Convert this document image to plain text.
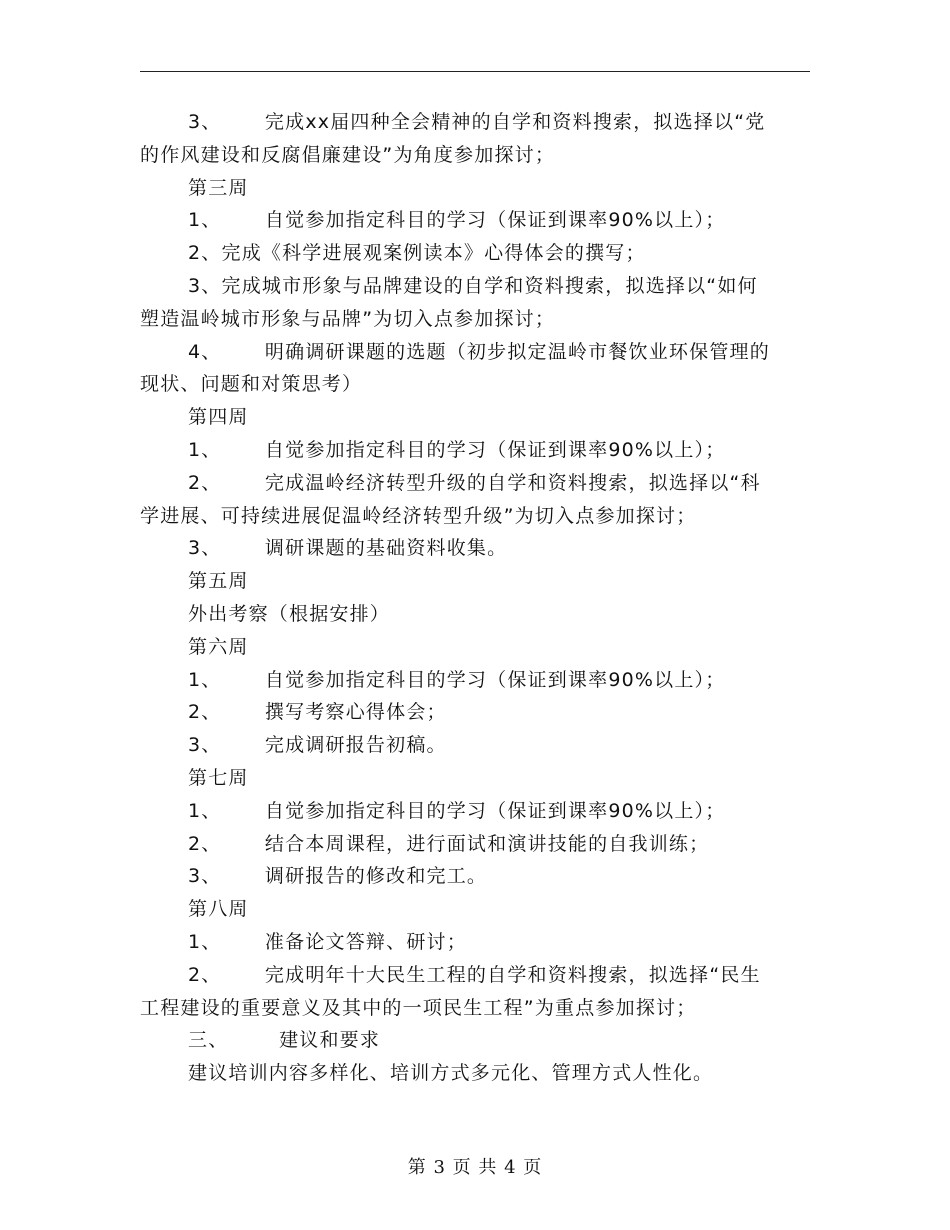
3、      完成xx届四种全会精神的自学和资料搜索，拟选择以“党
的作风建设和反腐倡廉建设”为角度参加探讨；
第三周
1、      自觉参加指定科目的学习（保证到课率90%以上）；
2、完成《科学进展观案例读本》心得体会的撰写；
3、完成城市形象与品牌建设的自学和资料搜索，拟选择以“如何
塑造温岭城市形象与品牌”为切入点参加探讨；
4、      明确调研课题的选题（初步拟定温岭市餐饮业环保管理的
现状、问题和对策思考）
第四周
1、      自觉参加指定科目的学习（保证到课率90%以上）；
2、      完成温岭经济转型升级的自学和资料搜索，拟选择以“科
学进展、可持续进展促温岭经济转型升级”为切入点参加探讨；
3、      调研课题的基础资料收集。
第五周
外出考察（根据安排）
第六周
1、      自觉参加指定科目的学习（保证到课率90%以上）；
2、      撰写考察心得体会；
3、      完成调研报告初稿。
第七周
1、      自觉参加指定科目的学习（保证到课率90%以上）；
2、      结合本周课程，进行面试和演讲技能的自我训练；
3、      调研报告的修改和完工。
第八周
1、      准备论文答辩、研讨；
2、      完成明年十大民生工程的自学和资料搜索，拟选择“民生
工程建设的重要意义及其中的一项民生工程”为重点参加探讨；
三、       建议和要求
建议培训内容多样化、培训方式多元化、管理方式人性化。
第 3 页 共 4 页
